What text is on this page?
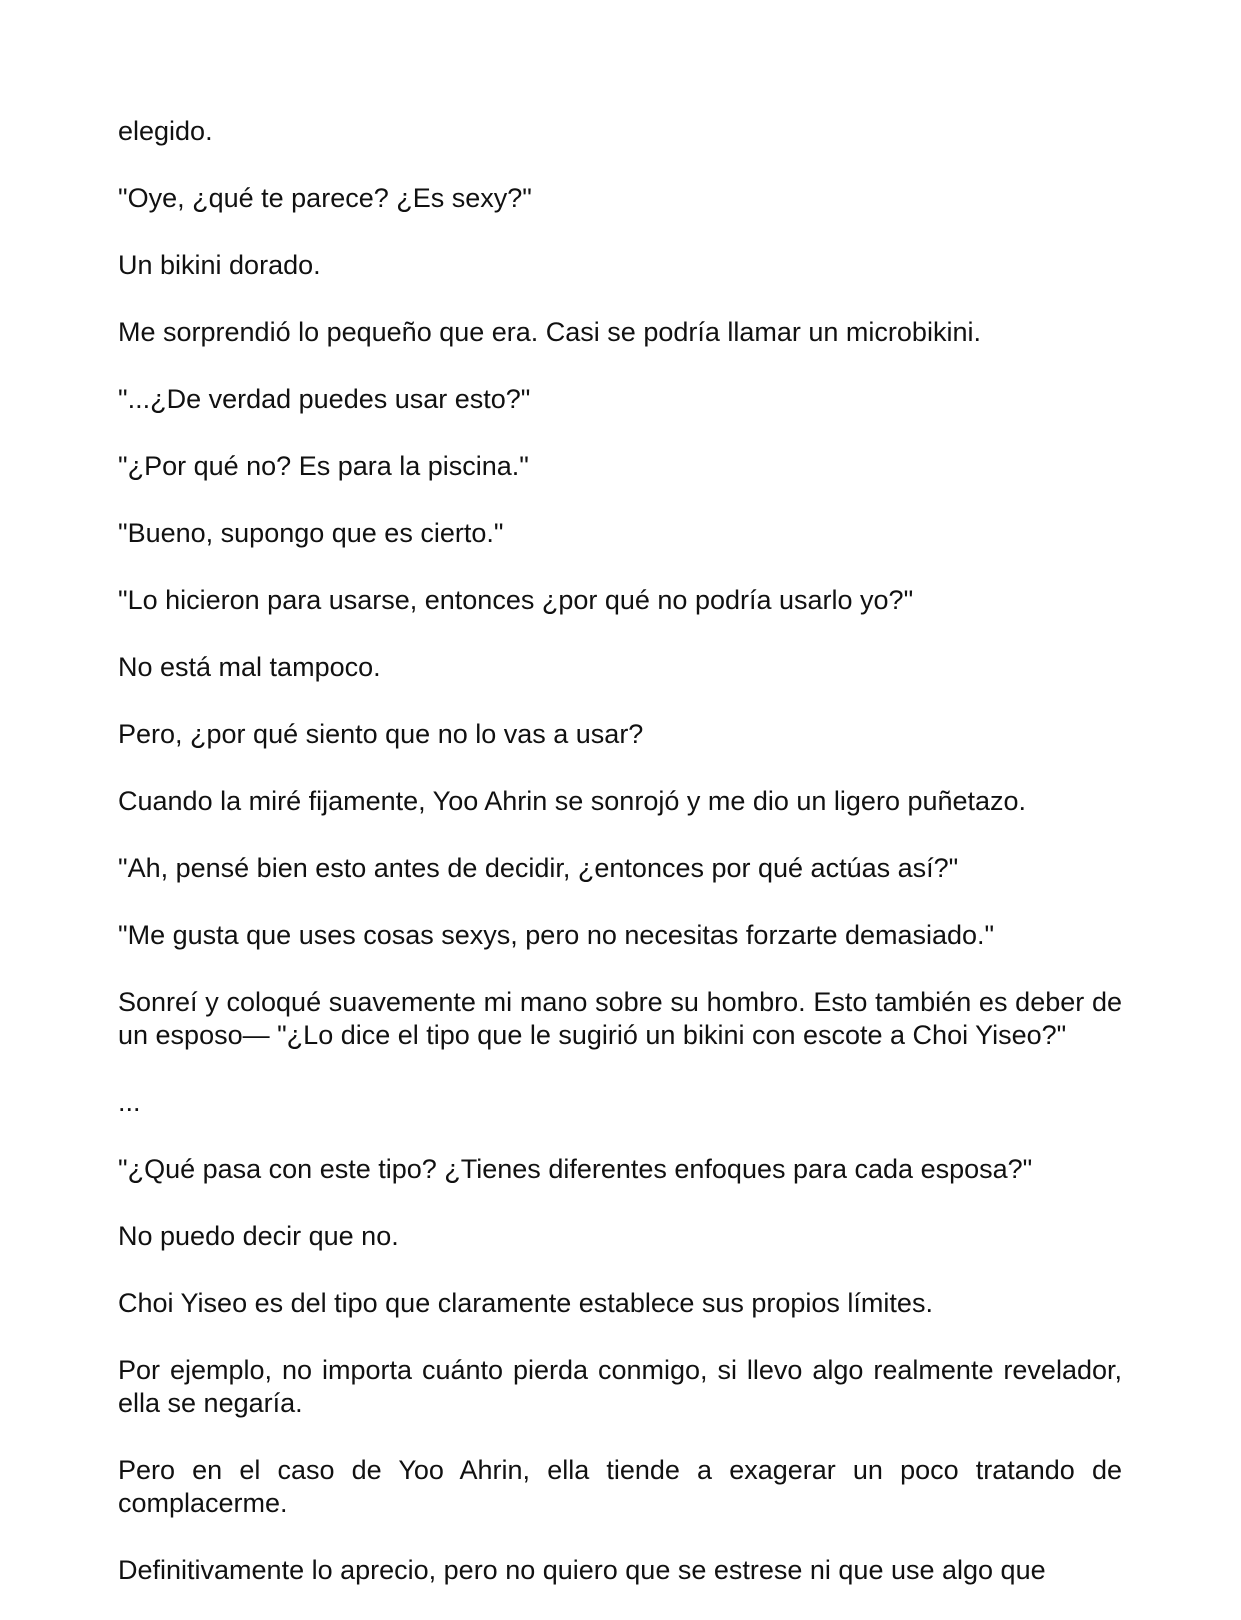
elegido.

"Oye, ¿qué te parece? ¿Es sexy?"

Un bikini dorado.

Me sorprendió lo pequeño que era. Casi se podría llamar un microbikini.

"...¿De verdad puedes usar esto?"

"¿Por qué no? Es para la piscina."

"Bueno, supongo que es cierto."

"Lo hicieron para usarse, entonces ¿por qué no podría usarlo yo?"

No está mal tampoco.

Pero, ¿por qué siento que no lo vas a usar?

Cuando la miré fijamente, Yoo Ahrin se sonrojó y me dio un ligero puñetazo.

"Ah, pensé bien esto antes de decidir, ¿entonces por qué actúas así?"

"Me gusta que uses cosas sexys, pero no necesitas forzarte demasiado."

Sonreí y coloqué suavemente mi mano sobre su hombro. Esto también es deber de un esposo— "¿Lo dice el tipo que le sugirió un bikini con escote a Choi Yiseo?"

...

"¿Qué pasa con este tipo? ¿Tienes diferentes enfoques para cada esposa?"

No puedo decir que no.

Choi Yiseo es del tipo que claramente establece sus propios límites.

Por ejemplo, no importa cuánto pierda conmigo, si llevo algo realmente revelador, ella se negaría.

Pero en el caso de Yoo Ahrin, ella tiende a exagerar un poco tratando de complacerme.

Definitivamente lo aprecio, pero no quiero que se estrese ni que use algo que
